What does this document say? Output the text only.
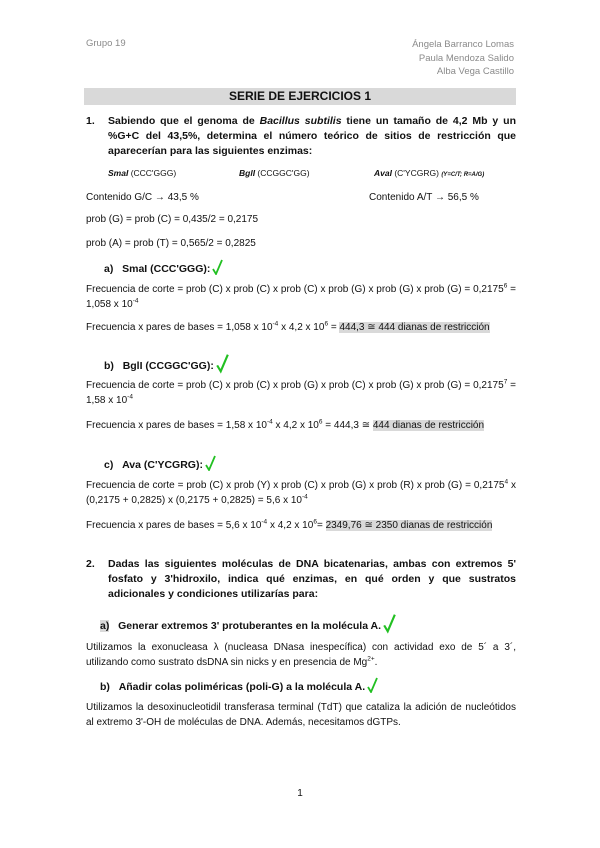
Grupo 19	Ángela Barranco Lomas
Paula Mendoza Salido
Alba Vega Castillo
SERIE DE EJERCICIOS 1
1. Sabiendo que el genoma de Bacillus subtilis tiene un tamaño de 4,2 Mb y un %G+C del 43,5%, determina el número teórico de sitios de restricción que aparecerían para las siguientes enzimas:
SmaI (CCC'GGG)	BglI (CCGGC'GG)	AvaI (C'YCGRG) (Y=C/T; R=A/G)
Contenido G/C → 43,5 %	Contenido A/T → 56,5 %
prob (G) = prob (C) = 0,435/2 = 0,2175
prob (A) = prob (T) = 0,565/2 = 0,2825
a) SmaI (CCC'GGG):
Frecuencia de corte = prob (C) x prob (C) x prob (C) x prob (G) x prob (G) x prob $(G) = 0,2175^6 = 1,058$ x $10^{-4}$
Frecuencia x pares de bases = 1,058 x $10^{-4}$ x 4,2 x $10^6 = 444,3$ ≅ 444 dianas de restricción
b) BglI (CCGGC'GG):
Frecuencia de corte = prob (C) x prob (C) x prob (G) x prob (C) x prob (G) x prob $(G) = 0,2175^7 = 1,58$ x $10^{-4}$
Frecuencia x pares de bases = 1,58 x $10^{-4}$ x 4,2 x $10^6 = 444,3$ ≅ 444 dianas de restricción
c) Ava (C'YCGRG):
Frecuencia de corte = prob (C) x prob (Y) x prob (C) x prob (G) x prob (R) x prob $(G) = 0,2175^4$ x (0,2175 + 0,2825) x (0,2175 + 0,2825) = 5,6 x $10^{-4}$
Frecuencia x pares de bases = 5,6 x $10^{-4}$ x 4,2 x $10^6= 2349,76$ ≅ 2350 dianas de restricción
2. Dadas las siguientes moléculas de DNA bicatenarias, ambas con extremos 5' fosfato y 3'hidroxilo, indica qué enzimas, en qué orden y que sustratos adicionales y condiciones utilizarías para:
a) Generar extremos 3' protuberantes en la molécula A.
Utilizamos la exonucleasa λ (nucleasa DNasa inespecífica) con actividad exo de 5´ a 3´, utilizando como sustrato dsDNA sin nicks y en presencia de $Mg^{2+}$.
b) Añadir colas poliméricas (poli-G) a la molécula A.
Utilizamos la desoxinucleotidil transferasa terminal (TdT) que cataliza la adición de nucleótidos al extremo 3'-OH de moléculas de DNA. Además, necesitamos dGTPs.
1
